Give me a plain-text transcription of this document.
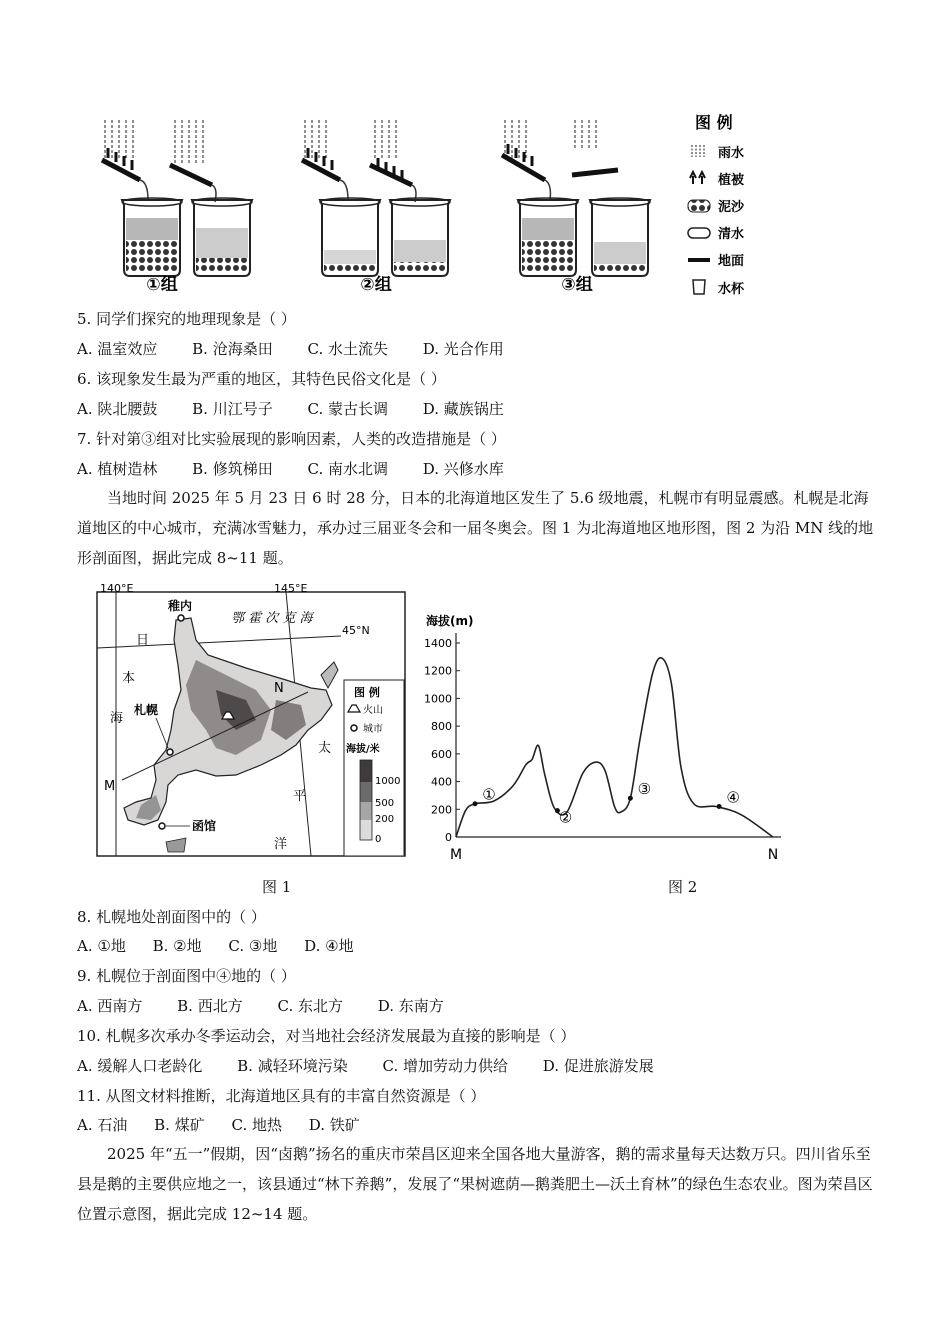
①组	②组	③组
图 例
雨水
植被
泥沙
清水
地面
水杯
5. 同学们探究的地理现象是（ ）
A. 温室效应 B. 沧海桑田 C. 水土流失 D. 光合作用
6. 该现象发生最为严重的地区，其特色民俗文化是（ ）
A. 陕北腰鼓 B. 川江号子 C. 蒙古长调 D. 藏族锅庄
7. 针对第③组对比实验展现的影响因素，人类的改造措施是（ ）
A. 植树造林 B. 修筑梯田 C. 南水北调 D. 兴修水库
当地时间 2025 年 5 月 23 日 6 时 28 分，日本的北海道地区发生了 5.6 级地震，札幌市有明显震感。札幌是北海道地区的中心城市，充满冰雪魅力，承办过三届亚冬会和一届冬奥会。图 1 为北海道地区地形图，图 2 为沿 MN 线的地形剖面图，据此完成 8~11 题。
140°E	145°E
45°N
M
N
稚内
札幌
函馆
鄂 霍 次 克 海
日
本
海
太
平
洋
图 例
火山
城市
海拔/米
1000
500
200
0
海拔(m)
0
200
400
600
800
1000
1200
1400
M	N
①
②
③	④
图 1	图 2
8. 札幌地处剖面图中的（ ）
A. ①地 B. ②地 C. ③地 D. ④地
9. 札幌位于剖面图中④地的（ ）
A. 西南方 B. 西北方 C. 东北方 D. 东南方
10. 札幌多次承办冬季运动会，对当地社会经济发展最为直接的影响是（ ）
A. 缓解人口老龄化 B. 减轻环境污染 C. 增加劳动力供给 D. 促进旅游发展
11. 从图文材料推断，北海道地区具有的丰富自然资源是（ ）
A. 石油 B. 煤矿 C. 地热 D. 铁矿
2025 年“五一”假期，因“卤鹅”扬名的重庆市荣昌区迎来全国各地大量游客，鹅的需求量每天达数万只。四川省乐至县是鹅的主要供应地之一，该县通过“林下养鹅”，发展了“果树遮荫—鹅粪肥土—沃土育林”的绿色生态农业。图为荣昌区位置示意图，据此完成 12~14 题。
